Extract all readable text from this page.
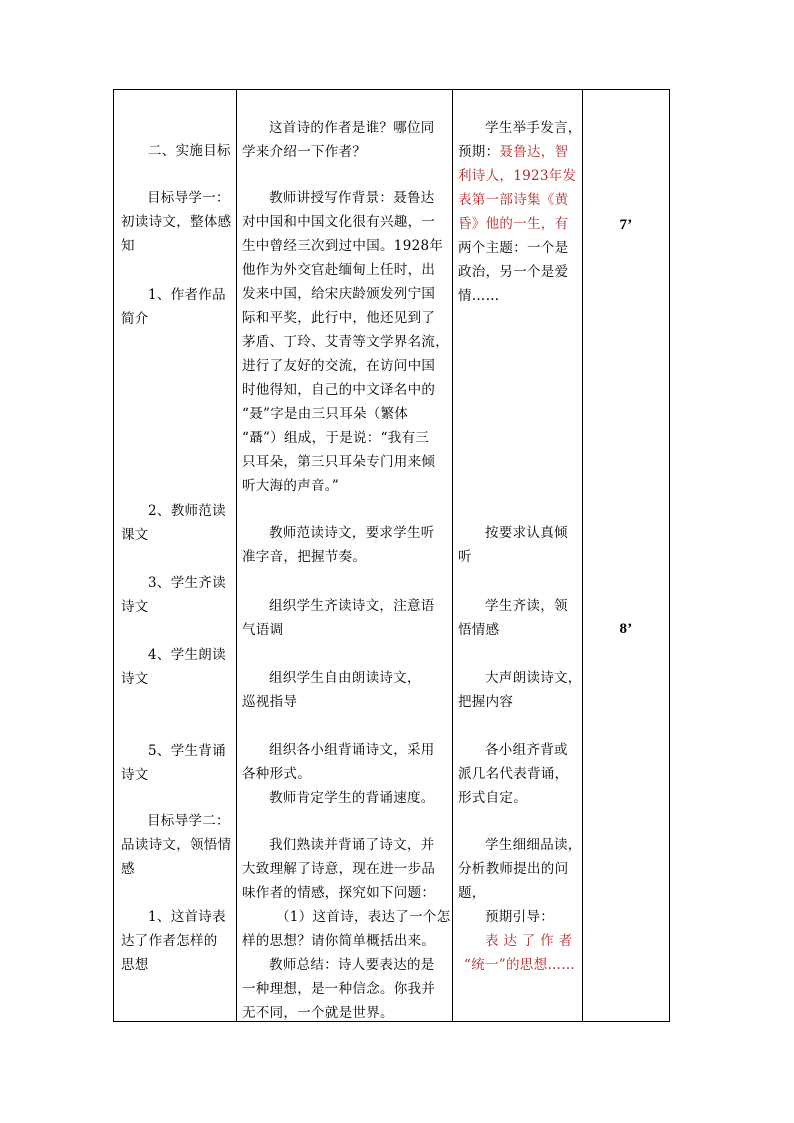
二、实施目标
目标导学一：
初读诗文，整体感
知
1、作者作品
简介
2、教师范读
课文
3、学生齐读
诗文
4、学生朗读
诗文
5、学生背诵
诗文
目标导学二：
品读诗文，领悟情
感
1、这首诗表
达了作者怎样的
思想
这首诗的作者是谁？哪位同
学来介绍一下作者？
教师讲授写作背景：聂鲁达
对中国和中国文化很有兴趣，一
生中曾经三次到过中国。1928年
他作为外交官赴缅甸上任时，出
发来中国，给宋庆龄颁发列宁国
际和平奖，此行中，他还见到了
茅盾、丁玲、艾青等文学界名流，
进行了友好的交流，在访问中国
时他得知，自己的中文译名中的
“聂”字是由三只耳朵（繁体
“聶”）组成，于是说：“我有三
只耳朵，第三只耳朵专门用来倾
听大海的声音。”
教师范读诗文，要求学生听
准字音，把握节奏。
组织学生齐读诗文，注意语
气语调
组织学生自由朗读诗文，
巡视指导
组织各小组背诵诗文，采用
各种形式。
教师肯定学生的背诵速度。
我们熟读并背诵了诗文，并
大致理解了诗意，现在进一步品
味作者的情感，探究如下问题：
（1）这首诗，表达了一个怎
样的思想？请你简单概括出来。
教师总结：诗人要表达的是
一种理想，是一种信念。你我并
无不同，一个就是世界。
学生举手发言，
预期：聂鲁达，智
利诗人，1923年发
表第一部诗集《黄
昏》他的一生，有
两个主题：一个是
政治，另一个是爱
情……
按要求认真倾
听
学生齐读，领
悟情感
大声朗读诗文，
把握内容
各小组齐背或
派几名代表背诵，
形式自定。
学生细细品读，
分析教师提出的问
题，
预期引导：
表 达 了 作 者
“统一”的思想……
7’
8’
